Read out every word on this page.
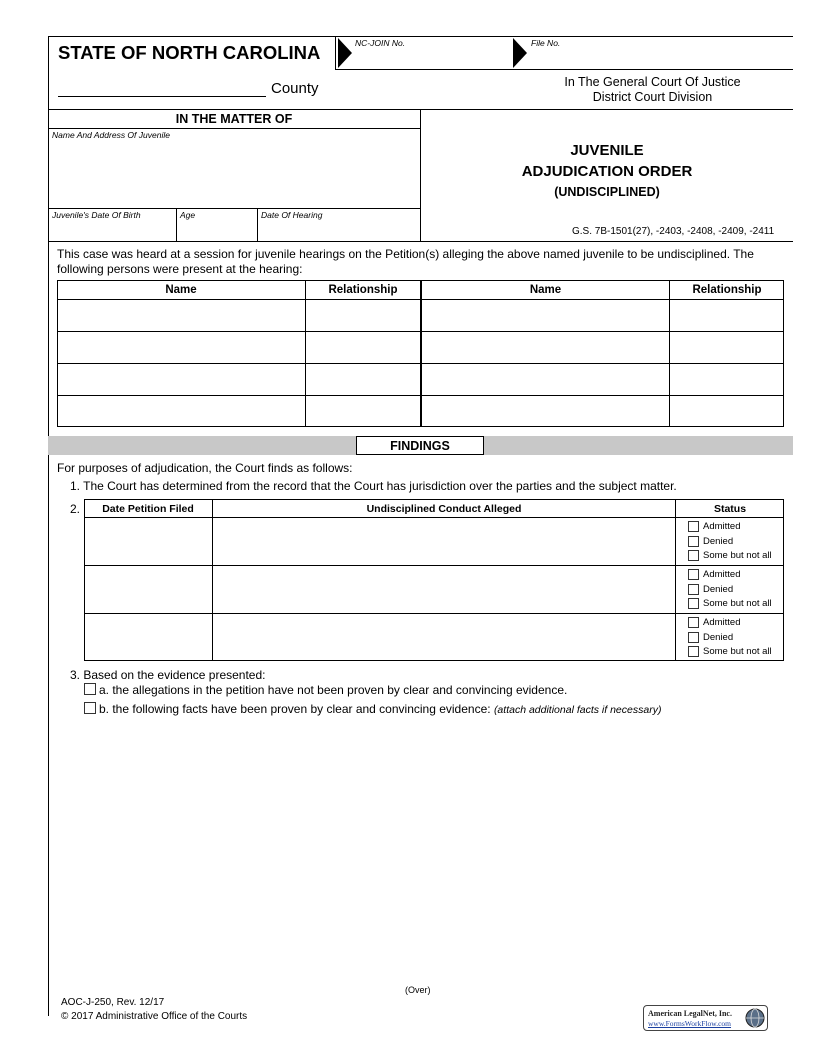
STATE OF NORTH CAROLINA	NC-JOIN No.	File No.
County	In The General Court Of Justice
District Court Division
IN THE MATTER OF
Name And Address Of Juvenile
Juvenile's Date Of Birth	Age	Date Of Hearing
JUVENILE
ADJUDICATION ORDER
(UNDISCIPLINED)
G.S. 7B-1501(27), -2403, -2408, -2409, -2411
This case was heard at a session for juvenile hearings on the Petition(s) alleging the above named juvenile to be undisciplined. The following persons were present at the hearing:
Name	Relationship	Name	Relationship
FINDINGS
For purposes of adjudication, the Court finds as follows:
1. The Court has determined from the record that the Court has jurisdiction over the parties and the subject matter.
2.	Date Petition Filed	Undisciplined Conduct Alleged	Status
Admitted
Denied
Some but not all
Admitted
Denied
Some but not all
Admitted
Denied
Some but not all
3. Based on the evidence presented:
a. the allegations in the petition have not been proven by clear and convincing evidence.
b. the following facts have been proven by clear and convincing evidence: (attach additional facts if necessary)
(Over)
AOC-J-250, Rev. 12/17
© 2017 Administrative Office of the Courts	American LegalNet, Inc.
www.FormsWorkFlow.com
